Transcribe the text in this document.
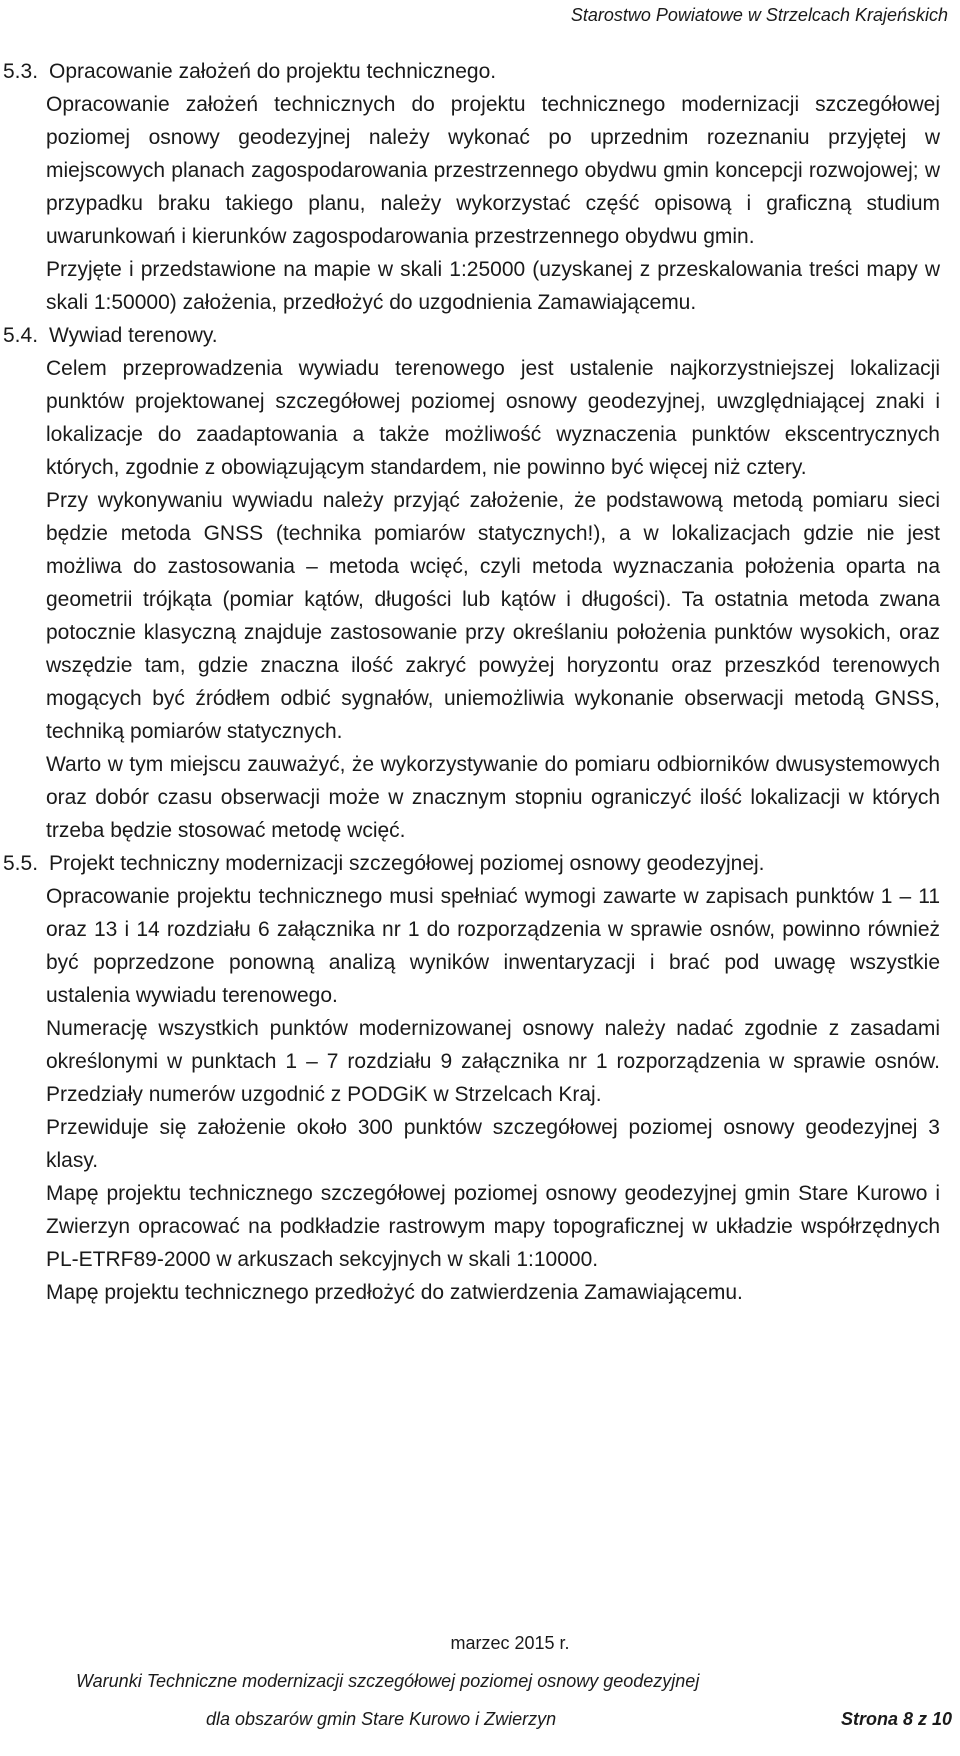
Starostwo Powiatowe w Strzelcach Krajeńskich
5.3. Opracowanie założeń do projektu technicznego.

Opracowanie założeń technicznych do projektu technicznego modernizacji szczegółowej poziomej osnowy geodezyjnej należy wykonać po uprzednim rozeznaniu przyjętej w miejscowych planach zagospodarowania przestrzennego obydwu gmin koncepcji rozwojowej; w przypadku braku takiego planu, należy wykorzystać część opisową i graficzną studium uwarunkowań i kierunków zagospodarowania przestrzennego obydwu gmin.

Przyjęte i przedstawione na mapie w skali 1:25000 (uzyskanej z przeskalowania treści mapy w skali 1:50000) założenia, przedłożyć do uzgodnienia Zamawiającemu.

5.4. Wywiad terenowy.

Celem przeprowadzenia wywiadu terenowego jest ustalenie najkorzystniejszej lokalizacji punktów projektowanej szczegółowej poziomej osnowy geodezyjnej, uwzględniającej znaki i lokalizacje do zaadaptowania a także możliwość wyznaczenia punktów ekscentrycznych których, zgodnie z obowiązującym standardem, nie powinno być więcej niż cztery.

Przy wykonywaniu wywiadu należy przyjąć założenie, że podstawową metodą pomiaru sieci będzie metoda GNSS (technika pomiarów statycznych!), a w lokalizacjach gdzie nie jest możliwa do zastosowania – metoda wcięć, czyli metoda wyznaczania położenia oparta na geometrii trójkąta (pomiar kątów, długości lub kątów i długości). Ta ostatnia metoda zwana potocznie klasyczną znajduje zastosowanie przy określaniu położenia punktów wysokich, oraz wszędzie tam, gdzie znaczna ilość zakryć powyżej horyzontu oraz przeszkód terenowych mogących być źródłem odbić sygnałów, uniemożliwia wykonanie obserwacji metodą GNSS, techniką pomiarów statycznych.

Warto w tym miejscu zauważyć, że wykorzystywanie do pomiaru odbiorników dwusystemowych oraz dobór czasu obserwacji może w znacznym stopniu ograniczyć ilość lokalizacji w których trzeba będzie stosować metodę wcięć.

5.5. Projekt techniczny modernizacji szczegółowej poziomej osnowy geodezyjnej.

Opracowanie projektu technicznego musi spełniać wymogi zawarte w zapisach punktów 1 – 11 oraz 13 i 14 rozdziału 6 załącznika nr 1 do rozporządzenia w sprawie osnów, powinno również być poprzedzone ponowną analizą wyników inwentaryzacji i brać pod uwagę wszystkie ustalenia wywiadu terenowego.

Numerację wszystkich punktów modernizowanej osnowy należy nadać zgodnie z zasadami określonymi w punktach 1 – 7 rozdziału 9 załącznika nr 1 rozporządzenia w sprawie osnów. Przedziały numerów uzgodnić z PODGiK w Strzelcach Kraj.

Przewiduje się założenie około 300 punktów szczegółowej poziomej osnowy geodezyjnej 3 klasy.

Mapę projektu technicznego szczegółowej poziomej osnowy geodezyjnej gmin Stare Kurowo i Zwierzyn opracować na podkładzie rastrowym mapy topograficznej w układzie współrzędnych PL-ETRF89-2000 w arkuszach sekcyjnych w skali 1:10000.

Mapę projektu technicznego przedłożyć do zatwierdzenia Zamawiającemu.

marzec 2015 r.
Warunki Techniczne modernizacji szczegółowej poziomej osnowy geodezyjnej
dla obszarów gmin Stare Kurowo i Zwierzyn	Strona 8 z 10
